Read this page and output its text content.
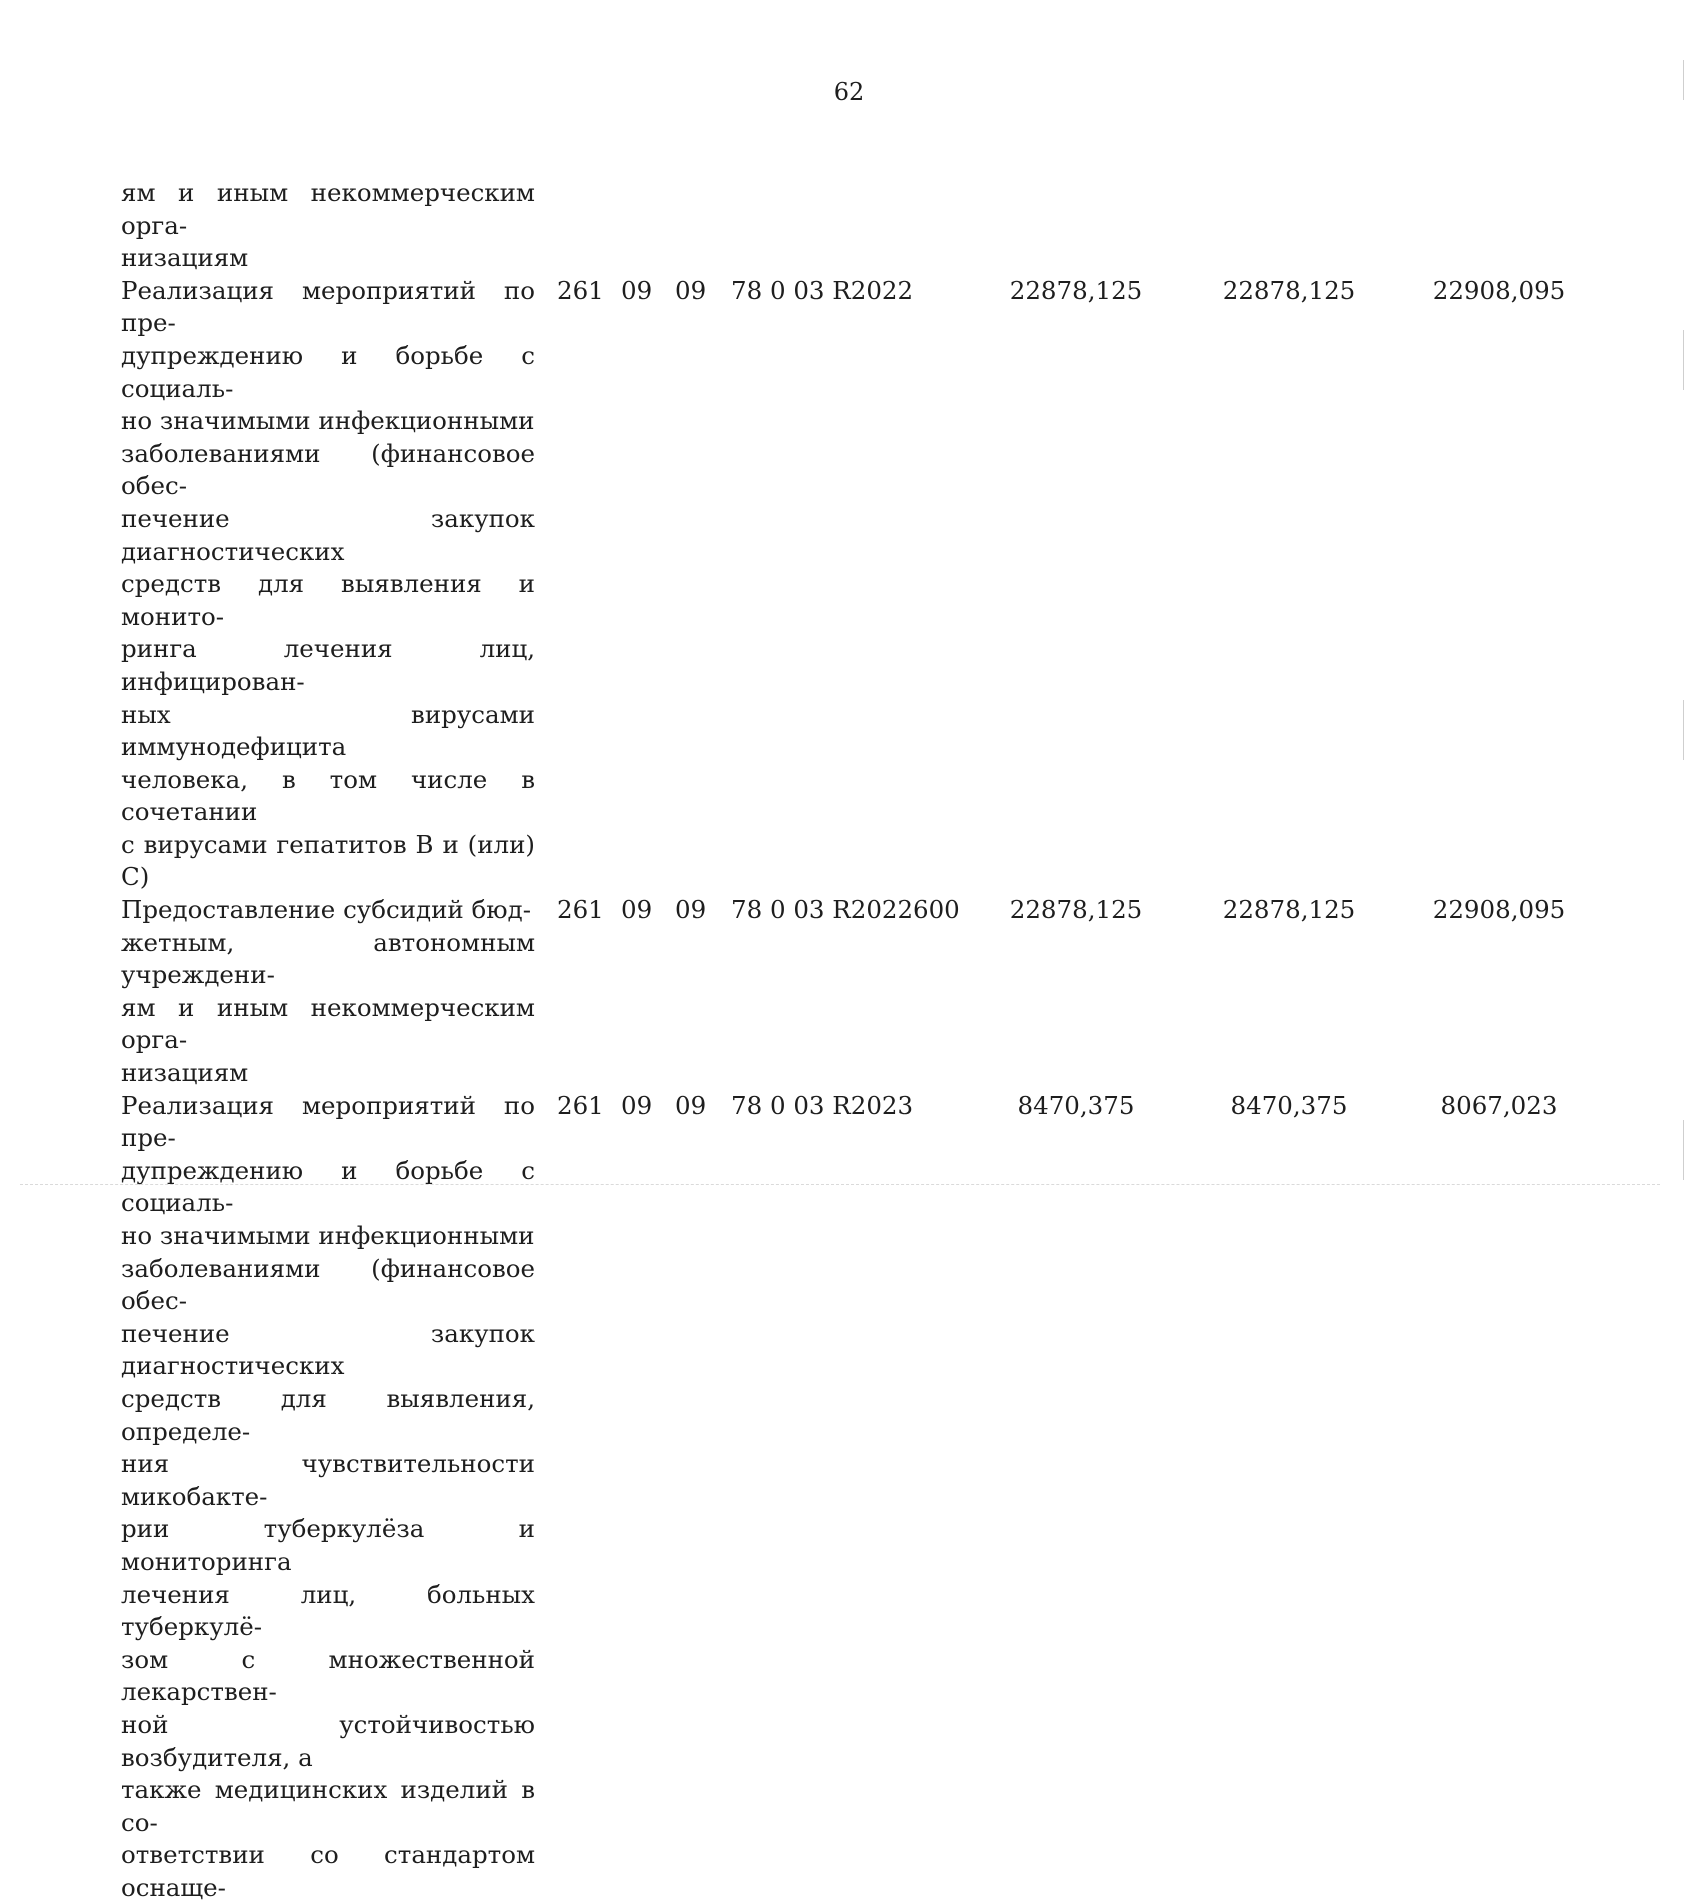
62
ям и иным некоммерческим орга-
низациям
Реализация мероприятий по пре-
дупреждению и борьбе с социаль-
но значимыми инфекционными
заболеваниями (финансовое обес-
печение закупок диагностических
средств для выявления и монито-
ринга лечения лиц, инфицирован-
ных вирусами иммунодефицита
человека, в том числе в сочетании
с вирусами гепатитов B и (или) C)
261 09 09 78 0 03 R2022	22878,125	22878,125	22908,095
Предоставление субсидий бюд-
жетным, автономным учреждени-
ям и иным некоммерческим орга-
низациям
261 09 09 78 0 03 R2022 600	22878,125	22878,125	22908,095
Реализация мероприятий по пре-
дупреждению и борьбе с социаль-
но значимыми инфекционными
заболеваниями (финансовое обес-
печение закупок диагностических
средств для выявления, определе-
ния чувствительности микобакте-
рии туберкулёза и мониторинга
лечения лиц, больных туберкулё-
зом с множественной лекарствен-
ной устойчивостью возбудителя, а
также медицинских изделий в со-
ответствии со стандартом оснаще-
261 09 09 78 0 03 R2023	8470,375	8470,375	8067,023
